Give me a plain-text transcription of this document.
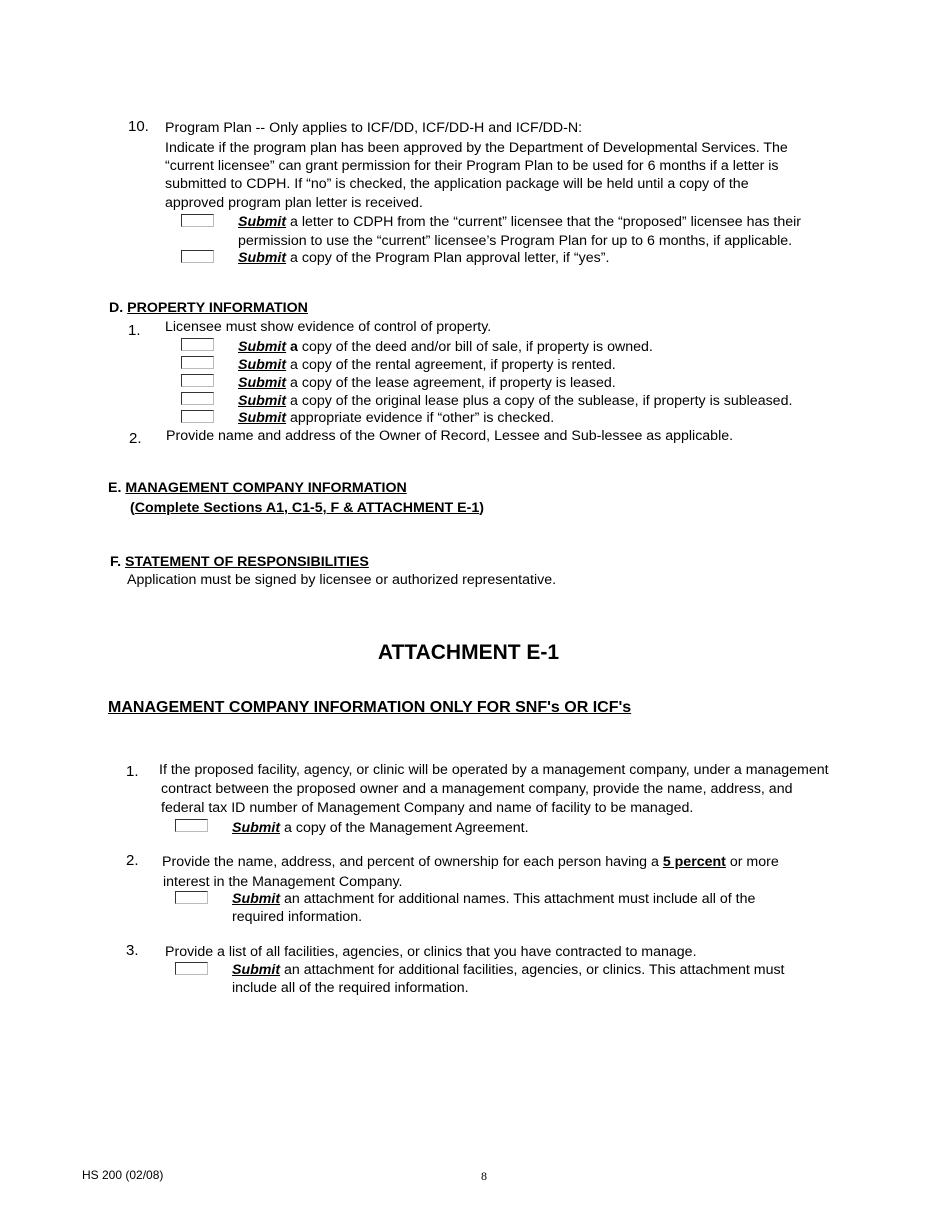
10. Program Plan -- Only applies to ICF/DD, ICF/DD-H and ICF/DD-N:
Indicate if the program plan has been approved by the Department of Developmental Services. The
“current licensee” can grant permission for their Program Plan to be used for 6 months if a letter is
submitted to CDPH. If “no” is checked, the application package will be held until a copy of the
approved program plan letter is received.
Submit a letter to CDPH from the “current” licensee that the “proposed” licensee has their
permission to use the “current” licensee’s Program Plan for up to 6 months, if applicable.
Submit a copy of the Program Plan approval letter, if “yes”.
D. PROPERTY INFORMATION
1. Licensee must show evidence of control of property.
Submit a copy of the deed and/or bill of sale, if property is owned.
Submit a copy of the rental agreement, if property is rented.
Submit a copy of the lease agreement, if property is leased.
Submit a copy of the original lease plus a copy of the sublease, if property is subleased.
Submit appropriate evidence if “other” is checked.
2. Provide name and address of the Owner of Record, Lessee and Sub-lessee as applicable.
E. MANAGEMENT COMPANY INFORMATION
(Complete Sections A1, C1-5, F & ATTACHMENT E-1)
F. STATEMENT OF RESPONSIBILITIES
Application must be signed by licensee or authorized representative.
ATTACHMENT E-1
MANAGEMENT COMPANY INFORMATION ONLY FOR SNF's OR ICF's
1. If the proposed facility, agency, or clinic will be operated by a management company, under a management
contract between the proposed owner and a management company, provide the name, address, and
federal tax ID number of Management Company and name of facility to be managed.
Submit a copy of the Management Agreement.
2. Provide the name, address, and percent of ownership for each person having a 5 percent or more
interest in the Management Company.
Submit an attachment for additional names. This attachment must include all of the
required information.
3. Provide a list of all facilities, agencies, or clinics that you have contracted to manage.
Submit an attachment for additional facilities, agencies, or clinics. This attachment must
include all of the required information.
HS 200 (02/08)	8
